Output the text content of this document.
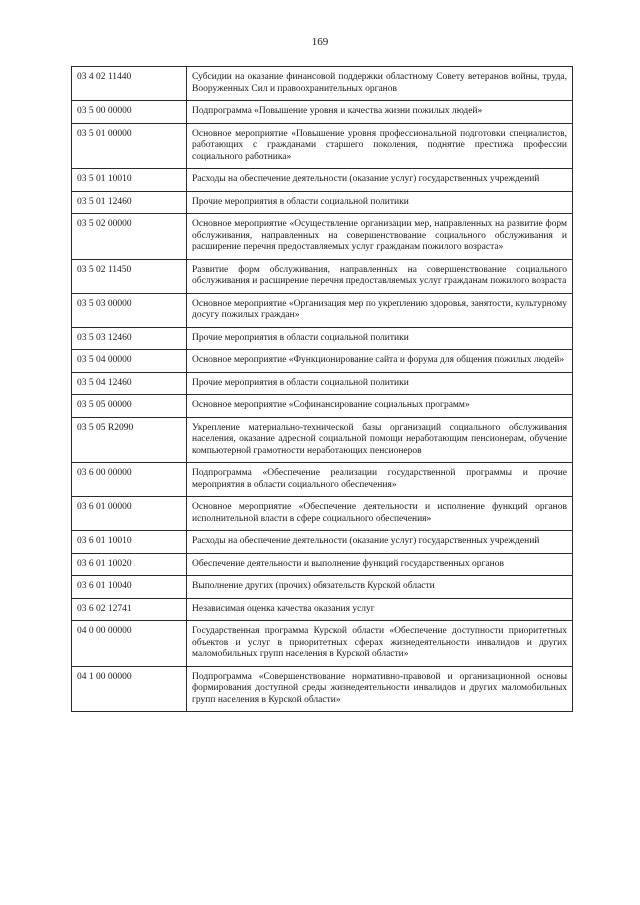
169
03 4 02 11440	Субсидии на оказание финансовой поддержки областному Совету ветеранов войны, труда, Вооруженных Сил и правоохранительных органов
03 5 00 00000	Подпрограмма «Повышение уровня и качества жизни пожилых людей»
03 5 01 00000	Основное мероприятие «Повышение уровня профессиональной подготовки специалистов, работающих с гражданами старшего поколения, поднятие престижа профессии социального работника»
03 5 01 10010	Расходы на обеспечение деятельности (оказание услуг) государственных учреждений
03 5 01 12460	Прочие мероприятия в области социальной политики
03 5 02 00000	Основное мероприятие «Осуществление организации мер, направленных на развитие форм обслуживания, направленных на совершенствование социального обслуживания и расширение перечня предоставляемых услуг гражданам пожилого возраста»
03 5 02 11450	Развитие форм обслуживания, направленных на совершенствование социального обслуживания и расширение перечня предоставляемых услуг гражданам пожилого возраста
03 5 03 00000	Основное мероприятие «Организация мер по укреплению здоровья, занятости, культурному досугу пожилых граждан»
03 5 03 12460	Прочие мероприятия в области социальной политики
03 5 04 00000	Основное мероприятие «Функционирование сайта и форума для общения пожилых людей»
03 5 04 12460	Прочие мероприятия в области социальной политики
03 5 05 00000	Основное мероприятие «Софинансирование социальных программ»
03 5 05 R2090	Укрепление материально-технической базы организаций социального обслуживания населения, оказание адресной социальной помощи неработающим пенсионерам, обучение компьютерной грамотности неработающих пенсионеров
03 6 00 00000	Подпрограмма «Обеспечение реализации государственной программы и прочие мероприятия в области социального обеспечения»
03 6 01 00000	Основное мероприятие «Обеспечение деятельности и исполнение функций органов исполнительной власти в сфере социального обеспечения»
03 6 01 10010	Расходы на обеспечение деятельности (оказание услуг) государственных учреждений
03 6 01 10020	Обеспечение деятельности и выполнение функций государственных органов
03 6 01 10040	Выполнение других (прочих) обязательств Курской области
03 6 02 12741	Независимая оценка качества оказания услуг
04 0 00 00000	Государственная программа Курской области «Обеспечение доступности приоритетных объектов и услуг в приоритетных сферах жизнедеятельности инвалидов и других маломобильных групп населения в Курской области»
04 1 00 00000	Подпрограмма «Совершенствование нормативно-правовой и организационной основы формирования доступной среды жизнедеятельности инвалидов и других маломобильных групп населения в Курской области»
